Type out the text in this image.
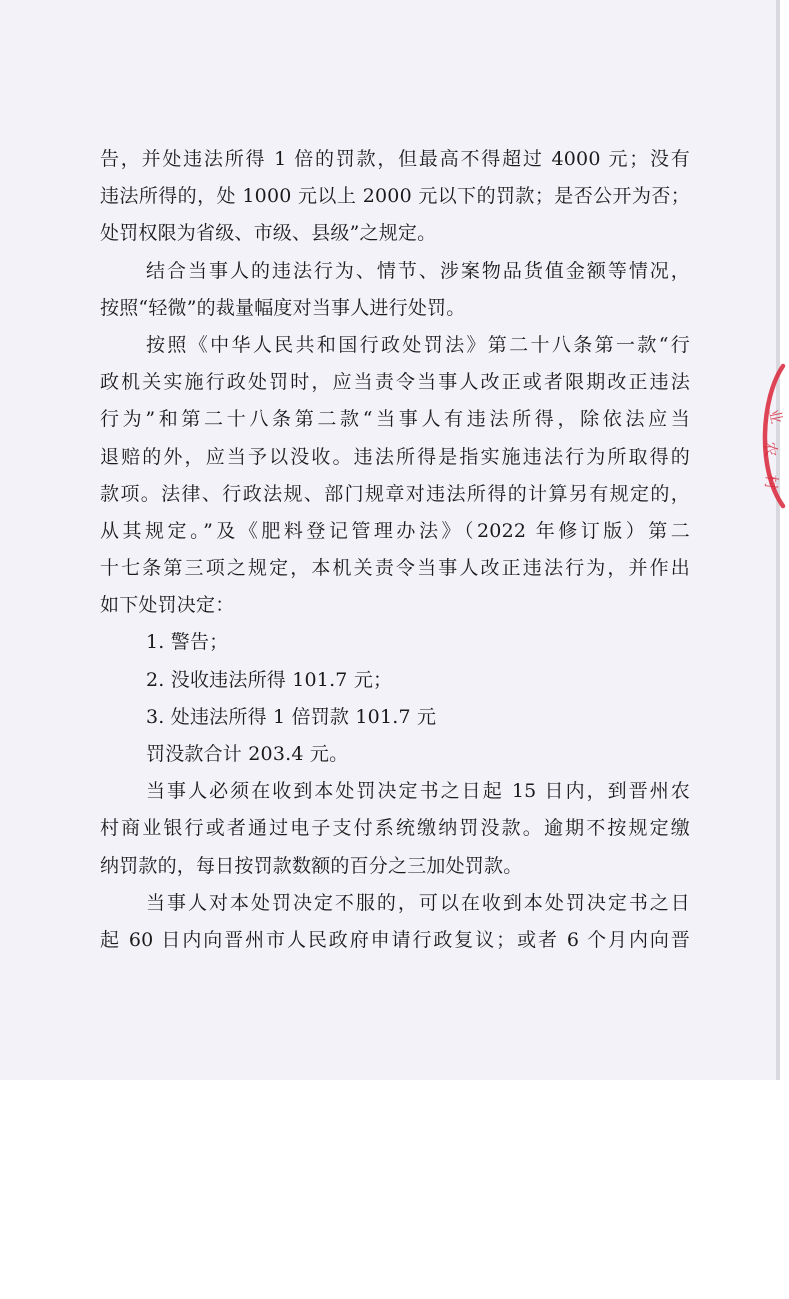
告，并处违法所得 1 倍的罚款，但最高不得超过 4000 元；没有
违法所得的，处 1000 元以上 2000 元以下的罚款；是否公开为否；
处罚权限为省级、市级、县级”之规定。
结合当事人的违法行为、情节、涉案物品货值金额等情况，
按照“轻微”的裁量幅度对当事人进行处罚。
按照《中华人民共和国行政处罚法》第二十八条第一款“行
政机关实施行政处罚时，应当责令当事人改正或者限期改正违法
行为”和第二十八条第二款“当事人有违法所得，除依法应当
退赔的外，应当予以没收。违法所得是指实施违法行为所取得的
款项。法律、行政法规、部门规章对违法所得的计算另有规定的，
从其规定。”及《肥料登记管理办法》（2022 年修订版）第二
十七条第三项之规定，本机关责令当事人改正违法行为，并作出
如下处罚决定：
1. 警告；
2. 没收违法所得 101.7 元；
3. 处违法所得 1 倍罚款 101.7 元
罚没款合计 203.4 元。
当事人必须在收到本处罚决定书之日起 15 日内，到晋州农
村商业银行或者通过电子支付系统缴纳罚没款。逾期不按规定缴
纳罚款的，每日按罚款数额的百分之三加处罚款。
当事人对本处罚决定不服的，可以在收到本处罚决定书之日
起 60 日内向晋州市人民政府申请行政复议；或者 6 个月内向晋
业
农
村
